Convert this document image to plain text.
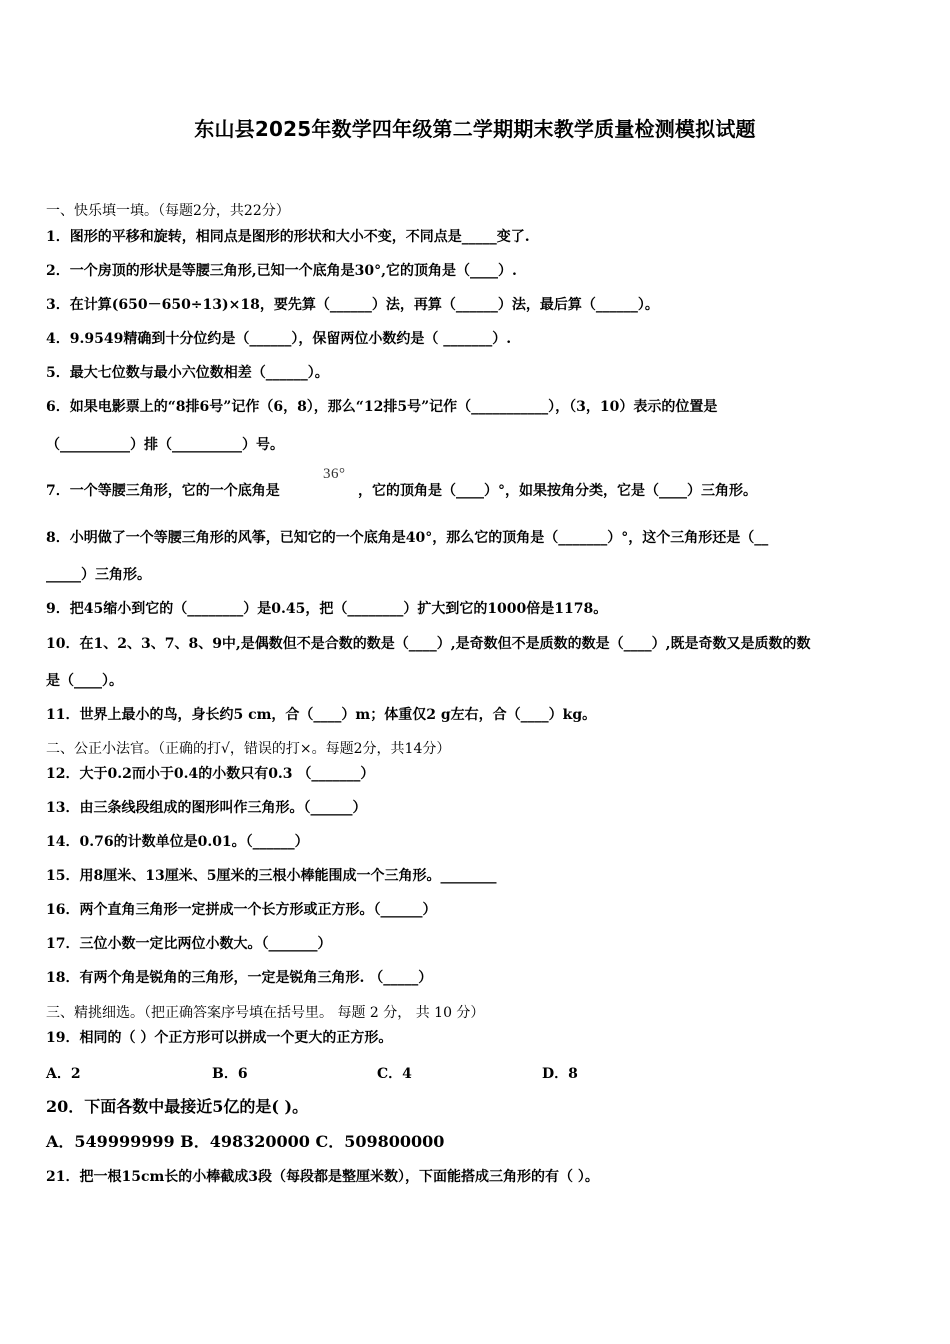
东山县2025年数学四年级第二学期期末教学质量检测模拟试题
一、快乐填一填。（每题2分，共22分）
1．图形的平移和旋转，相同点是图形的形状和大小不变，不同点是_____变了.
2．一个房顶的形状是等腰三角形,已知一个底角是30°,它的顶角是（____）.
3．在计算(650－650÷13)×18，要先算（______）法，再算（______）法，最后算（______）。
4．9.9549精确到十分位约是（______），保留两位小数约是（ _______）.
5．最大七位数与最小六位数相差（______）。
6．如果电影票上的“8排6号”记作（6，8），那么“12排5号”记作（___________），（3，10）表示的位置是
（__________）排（__________）号。
7．一个等腰三角形，它的一个底角是
36°
，它的顶角是（____）°，如果按角分类，它是（____）三角形。
8．小明做了一个等腰三角形的风筝，已知它的一个底角是40°，那么它的顶角是（_______）°，这个三角形还是（__
_____）三角形。
9．把45缩小到它的（________）是0.45，把（________）扩大到它的1000倍是1178。
10．在1、2、3、7、8、9中,是偶数但不是合数的数是（____）,是奇数但不是质数的数是（____）,既是奇数又是质数的数
是（____）。
11．世界上最小的鸟，身长约5 cm，合（____）m；体重仅2 g左右，合（____）kg。
二、公正小法官。（正确的打√，错误的打×。每题2分，共14分）
12．大于0.2而小于0.4的小数只有0.3 （_______）
13．由三条线段组成的图形叫作三角形。（______）
14．0.76的计数单位是0.01。（______）
15．用8厘米、13厘米、5厘米的三根小棒能围成一个三角形。________
16．两个直角三角形一定拼成一个长方形或正方形。（______）
17．三位小数一定比两位小数大。（_______）
18．有两个角是锐角的三角形，一定是锐角三角形. （_____）
三、精挑细选。（把正确答案序号填在括号里。 每题 2 分， 共 10 分）
19．相同的（ ）个正方形可以拼成一个更大的正方形。
A．2	B．6	C．4	D．8
20．下面各数中最接近5亿的是( )。
A．549999999 B．498320000 C．509800000
21．把一根15cm长的小棒截成3段（每段都是整厘米数），下面能搭成三角形的有（ ）。
